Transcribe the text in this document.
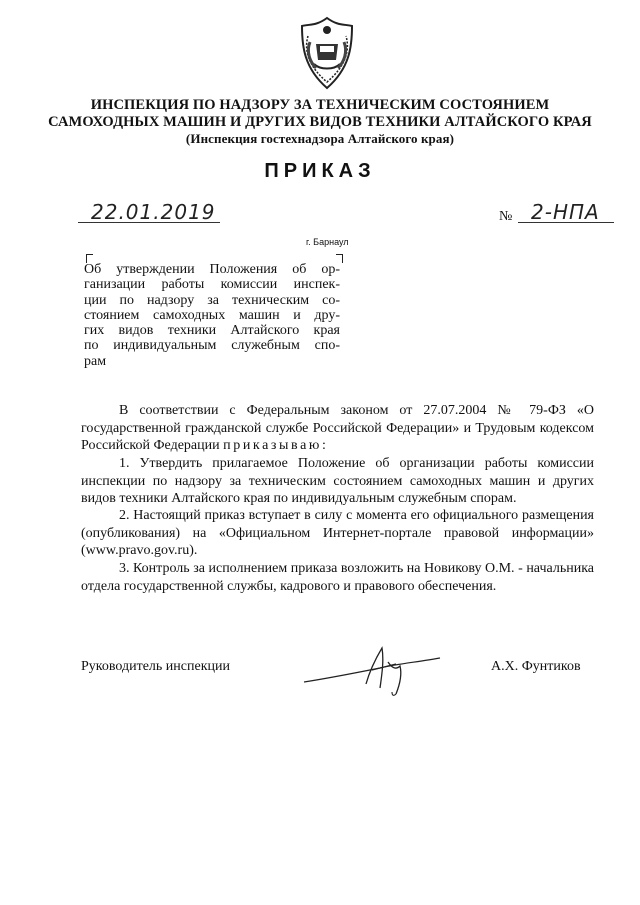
ИНСПЕКЦИЯ ПО НАДЗОРУ ЗА ТЕХНИЧЕСКИМ СОСТОЯНИЕМ
САМОХОДНЫХ МАШИН И ДРУГИХ ВИДОВ ТЕХНИКИ АЛТАЙСКОГО КРАЯ
(Инспекция гостехнадзора Алтайского края)
ПРИКАЗ
22.01.2019	№ 2-НПА
г. Барнаул
Об утверждении Положения об ор-
ганизации работы комиссии инспек-
ции по надзору за техническим со-
стоянием самоходных машин и дру-
гих видов техники Алтайского края
по индивидуальным служебным спо-
рам
В соответствии с Федеральным законом от 27.07.2004 № 79-ФЗ «О государственной гражданской службе Российской Федерации» и Трудовым кодексом Российской Федерации приказываю:
1. Утвердить прилагаемое Положение об организации работы комиссии инспекции по надзору за техническим состоянием самоходных машин и других видов техники Алтайского края по индивидуальным служебным спорам.
2. Настоящий приказ вступает в силу с момента его официального размещения (опубликования) на «Официальном Интернет-портале правовой информации» (www.pravo.gov.ru).
3. Контроль за исполнением приказа возложить на Новикову О.М. - начальника отдела государственной службы, кадрового и правового обеспечения.
Руководитель инспекции	А.Х. Фунтиков
